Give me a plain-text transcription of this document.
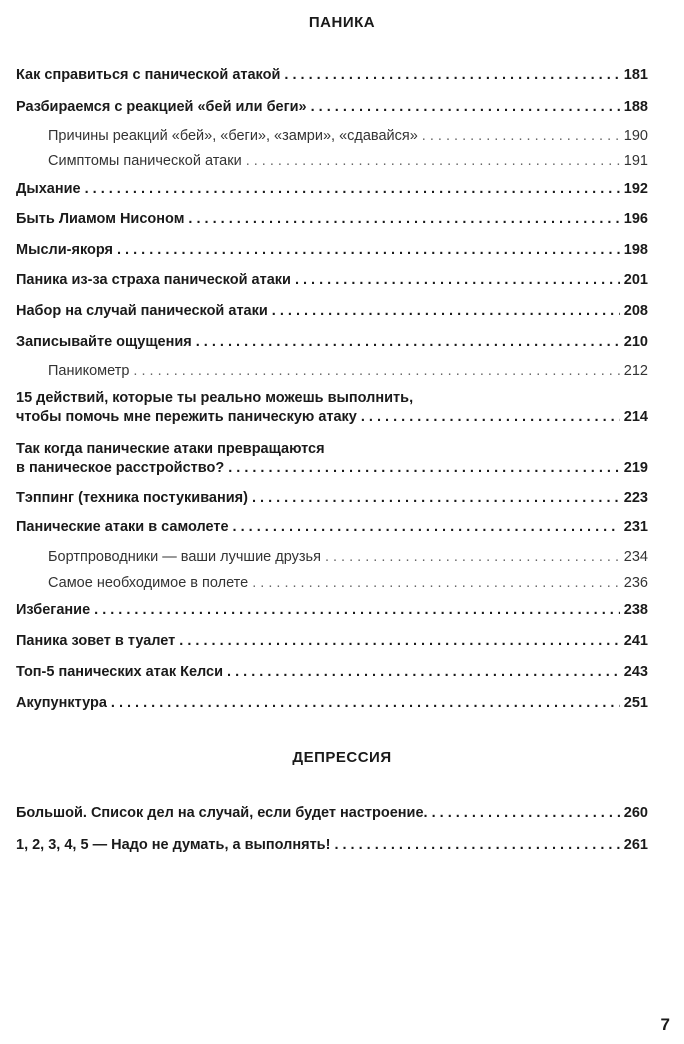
ПАНИКА
Как справиться с панической атакой . . .	181
Разбираемся с реакцией «бей или беги» . . .	188
Причины реакций «бей», «беги», «замри», «сдавайся» . . .	190
Симптомы панической атаки . . .	191
Дыхание . . .	192
Быть Лиамом Нисоном . . .	196
Мысли-якоря . . .	198
Паника из-за страха панической атаки . . .	201
Набор на случай панической атаки . . .	208
Записывайте ощущения . . .	210
Паникометр . . .	212
15 действий, которые ты реально можешь выполнить,
чтобы помочь мне пережить паническую атаку . . .	214
Так когда панические атаки превращаются
в паническое расстройство? . . .	219
Тэппинг (техника постукивания) . . .	223
Панические атаки в самолете . . .	231
Бортпроводники — ваши лучшие друзья . . .	234
Самое необходимое в полете . . .	236
Избегание . . .	238
Паника зовет в туалет . . .	241
Топ-5 панических атак Келси . . .	243
Акупунктура . . .	251
ДЕПРЕССИЯ
Большой. Список дел на случай, если будет настроение. . . .	260
1, 2, 3, 4, 5 — Надо не думать, а выполнять! . . .	261
7
